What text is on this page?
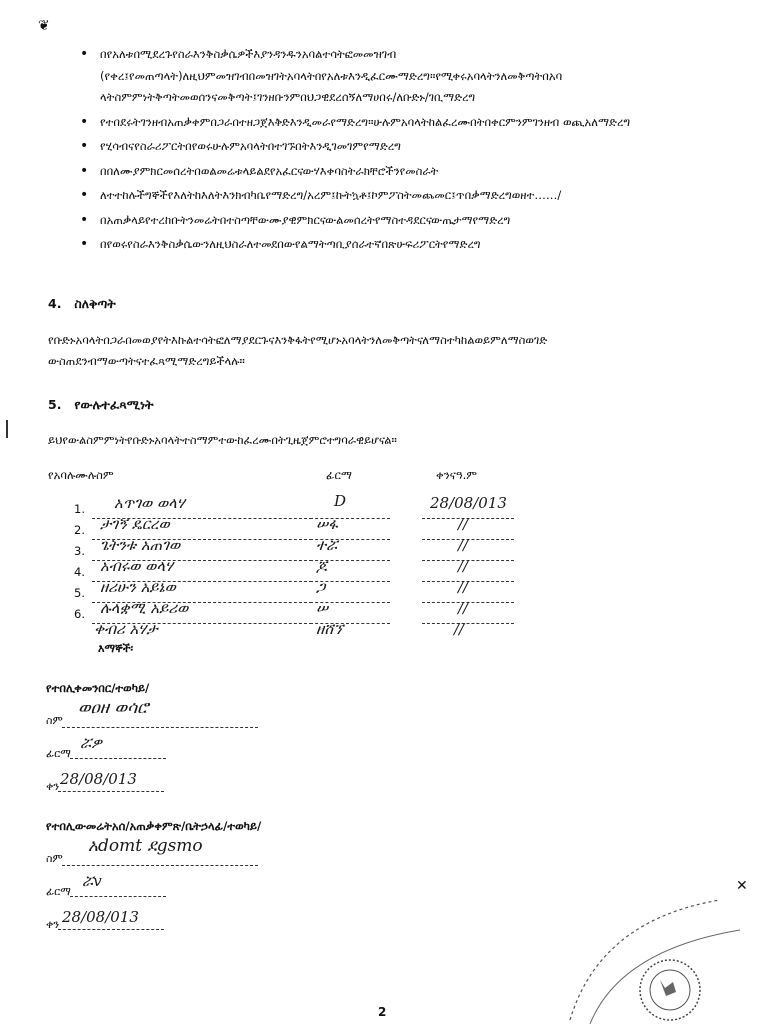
❦
• በየአለቱበሚደረጉየስራእንቅስቃሴዎችእያንዳንዱንአባልተሳትፎመመዝገብ (የቀረ፤የመጠጣላት)ለዚህምመዝገብበመዝገትአባላትበየአለቱእንዲፈርሙማድረግ።የሚቀሩአባላትንለመቅጣትበአባ ላትስምምነትቅጣትመወሰንናመቅጣት፤ገንዘቡንምበህጋዊደረሰኝለማሀበሩ/ለቡድኑ/ገቢማድረግ
• የተበደሩትገንዘብአጠቃቀምበጋራበተዘጋጀእቅድእንዲመራየማድረግ።ሁሉምአባላትከልፈረሙበትበቀርምንምገንዘብ ወጪአለማድረግ
• የሂሳብናየስራሪፖርትበየወሩሁሉምአባላትበተገኙበትእንዲገመገምየማድረግ
• በበለሙያምክርመሰረትበወልመሬቱላይልደየአፈርናውሃእቀባስትራክቸሮችንየመስራት
• ለተተከሉችግኞችየእለትከእለትእንክብካቤየማድረግ/አረም፤ኩትኳቶ፤ኮምፖስትመጨመር፤ጥበቃማድረግወዘተ……/
• በአጠቃላይየተረከቡትንመሬትበተስጣቸውሙያዊምክርናውልመሰረትየማስተዳደርናውጤታማየማድረግ
• በየወሩየስራእንቅስቃሴውንለዚህስራለተመደበውየልማትጣቢያሰራተኛበጽሁፍሪፖርትየማድረግ
4. ስለቅጣት
የቡድኑአባላትበጋራበመወያየትእኩልተሳትፎለማያደርጉናእንቅፋትየሚሆኑአባላትንለመቅጣትናለማስተካከልወይምለማስወገድ ውስጠደንብማውጣትናተፈጻሚማድረግይችላሉ።
5. የውሉተፈጻሚነት
ይህየውልስምምነትየቡድኑአባላትተስማምተውከፈረሙበትጊዜጀምሮተግባራዊይሆናል።
የአባሉሙሉስም	ፊርማ	ቀንናዓ.ም
1. አጥገወ ወላሃ	D	28/08/013
2. ታገኝ ዴርረወ	ሠፋ	//
3. ጌትንቱ አጠገወ	ተሯ	//
4. አብሩወ ወላሃ	ጆ	//
5. ዘሪሁን አይኔወ	ጋ	//
6. ሉላቋሚ አይሪወ	ሠ	//
ቀብሪ አሃታ	ዘሸኘ	//
እማኞች፡
የተበሊቀመንበር/ተወካይ/
ስም
ወዐዘ ወሳሮ
ፊርማ
ሯዎ
ቀን 28/08/013
የተበሊውመሬትአሰ/አጠቃቀምጽ/ቤትኃላፊ/ተወካይ/
ስም
አdomt ደgsmo
ፊርማ
ሯv
ቀን 28/08/013
✕
2
